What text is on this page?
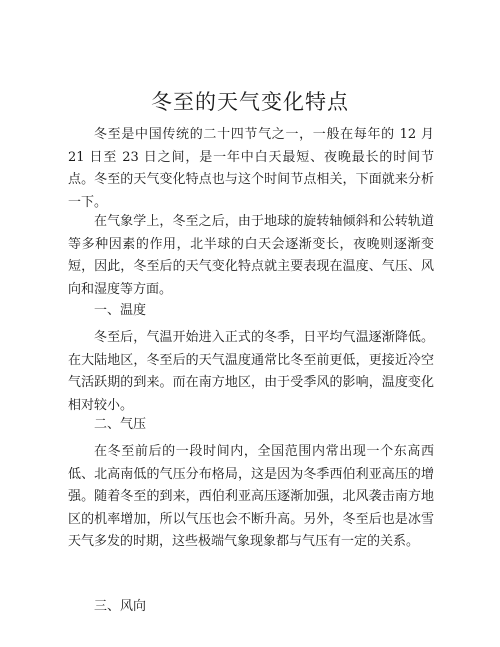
冬至的天气变化特点

冬至是中国传统的二十四节气之一，一般在每年的 12 月 21 日至 23 日之间，是一年中白天最短、夜晚最长的时间节点。冬至的天气变化特点也与这个时间节点相关，下面就来分析一下。

在气象学上，冬至之后，由于地球的旋转轴倾斜和公转轨道等多种因素的作用，北半球的白天会逐渐变长，夜晚则逐渐变短，因此，冬至后的天气变化特点就主要表现在温度、气压、风向和湿度等方面。

一、温度

冬至后，气温开始进入正式的冬季，日平均气温逐渐降低。在大陆地区，冬至后的天气温度通常比冬至前更低，更接近冷空气活跃期的到来。而在南方地区，由于受季风的影响，温度变化相对较小。

二、气压

在冬至前后的一段时间内，全国范围内常出现一个东高西低、北高南低的气压分布格局，这是因为冬季西伯利亚高压的增强。随着冬至的到来，西伯利亚高压逐渐加强，北风袭击南方地区的机率增加，所以气压也会不断升高。另外，冬至后也是冰雪天气多发的时期，这些极端气象现象都与气压有一定的关系。

三、风向
